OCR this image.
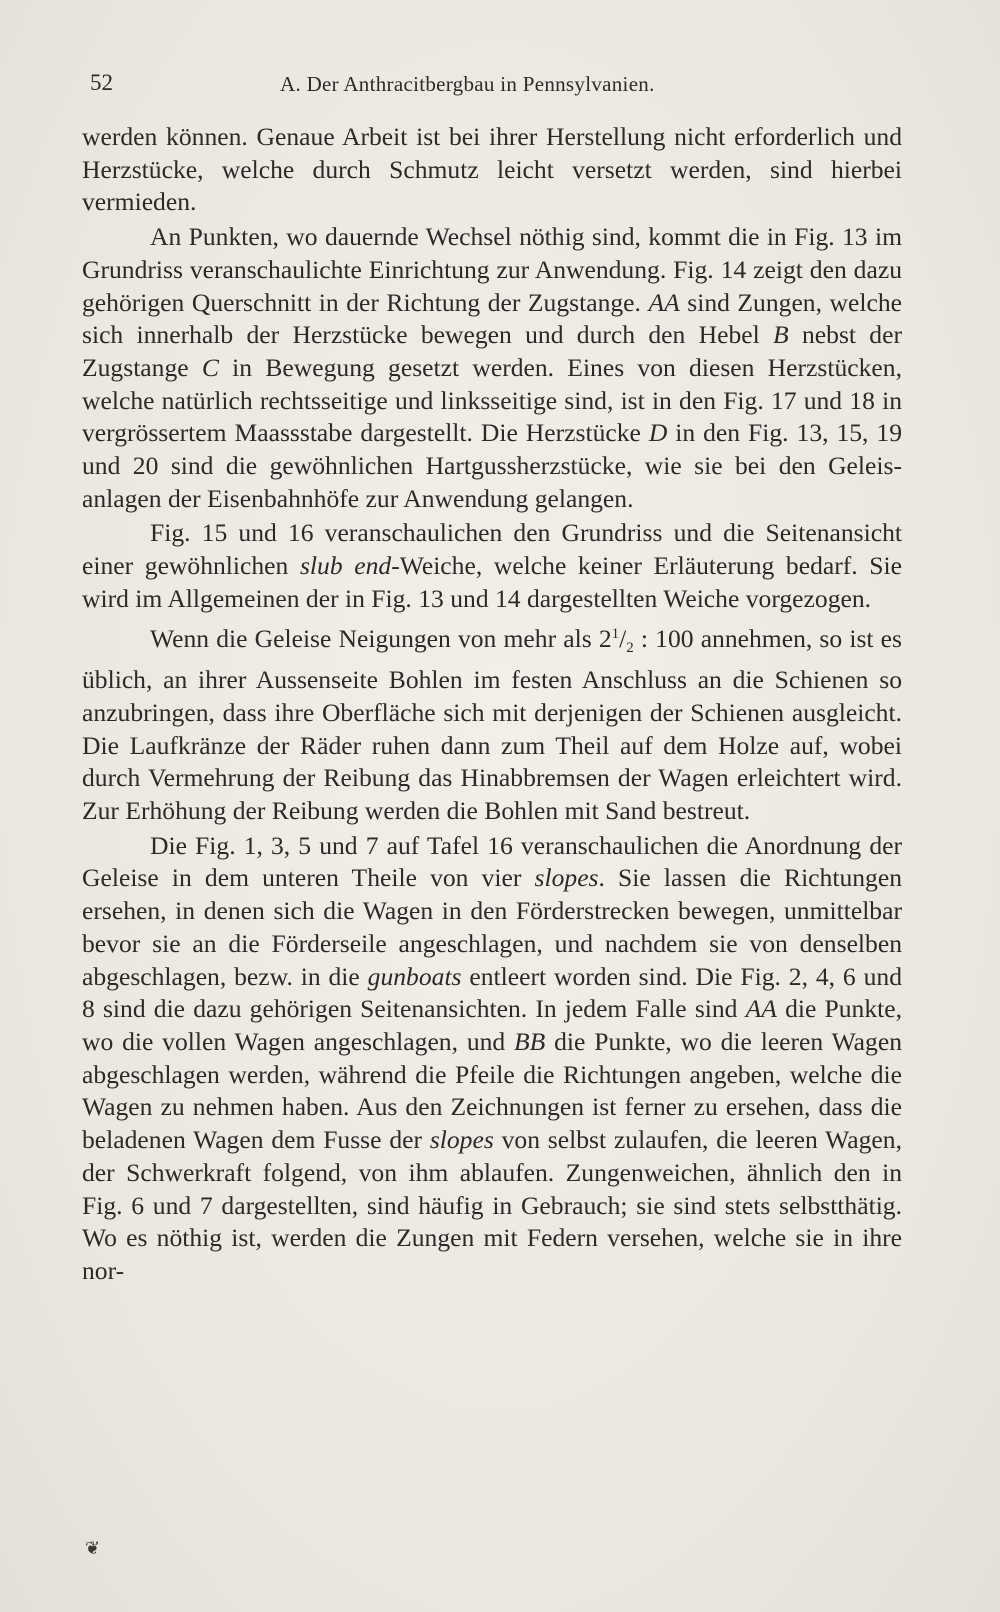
52	A. Der Anthracitbergbau in Pennsylvanien.

werden können. Genaue Arbeit ist bei ihrer Herstellung nicht erforderlich und Herzstücke, welche durch Schmutz leicht versetzt werden, sind hierbei vermieden.

An Punkten, wo dauernde Wechsel nöthig sind, kommt die in Fig. 13 im Grundriss veranschaulichte Einrichtung zur Anwendung. Fig. 14 zeigt den dazu gehörigen Querschnitt in der Richtung der Zugstange. AA sind Zungen, welche sich innerhalb der Herzstücke bewegen und durch den Hebel B nebst der Zugstange C in Bewegung gesetzt werden. Eines von diesen Herzstücken, welche natürlich rechtsseitige und linksseitige sind, ist in den Fig. 17 und 18 in vergrössertem Maassstabe dargestellt. Die Herzstücke D in den Fig. 13, 15, 19 und 20 sind die gewöhnlichen Hartgussherzstücke, wie sie bei den Geleisanlagen der Eisenbahnhöfe zur Anwendung gelangen.

Fig. 15 und 16 veranschaulichen den Grundriss und die Seitenansicht einer gewöhnlichen slub end-Weiche, welche keiner Erläuterung bedarf. Sie wird im Allgemeinen der in Fig. 13 und 14 dargestellten Weiche vorgezogen.

Wenn die Geleise Neigungen von mehr als $2^1/_2$ : 100 annehmen, so ist es üblich, an ihrer Aussenseite Bohlen im festen Anschluss an die Schienen so anzubringen, dass ihre Oberfläche sich mit derjenigen der Schienen ausgleicht. Die Laufkränze der Räder ruhen dann zum Theil auf dem Holze auf, wobei durch Vermehrung der Reibung das Hinabbremsen der Wagen erleichtert wird. Zur Erhöhung der Reibung werden die Bohlen mit Sand bestreut.

Die Fig. 1, 3, 5 und 7 auf Tafel 16 veranschaulichen die Anordnung der Geleise in dem unteren Theile von vier slopes. Sie lassen die Richtungen ersehen, in denen sich die Wagen in den Förderstrecken bewegen, unmittelbar bevor sie an die Förderseile angeschlagen, und nachdem sie von denselben abgeschlagen, bezw. in die gunboats entleert worden sind. Die Fig. 2, 4, 6 und 8 sind die dazu gehörigen Seitenansichten. In jedem Falle sind AA die Punkte, wo die vollen Wagen angeschlagen, und BB die Punkte, wo die leeren Wagen abgeschlagen werden, während die Pfeile die Richtungen angeben, welche die Wagen zu nehmen haben. Aus den Zeichnungen ist ferner zu ersehen, dass die beladenen Wagen dem Fusse der slopes von selbst zulaufen, die leeren Wagen, der Schwerkraft folgend, von ihm ablaufen. Zungenweichen, ähnlich den in Fig. 6 und 7 dargestellten, sind häufig in Gebrauch; sie sind stets selbstthätig. Wo es nöthig ist, werden die Zungen mit Federn versehen, welche sie in ihre nor-

❦
